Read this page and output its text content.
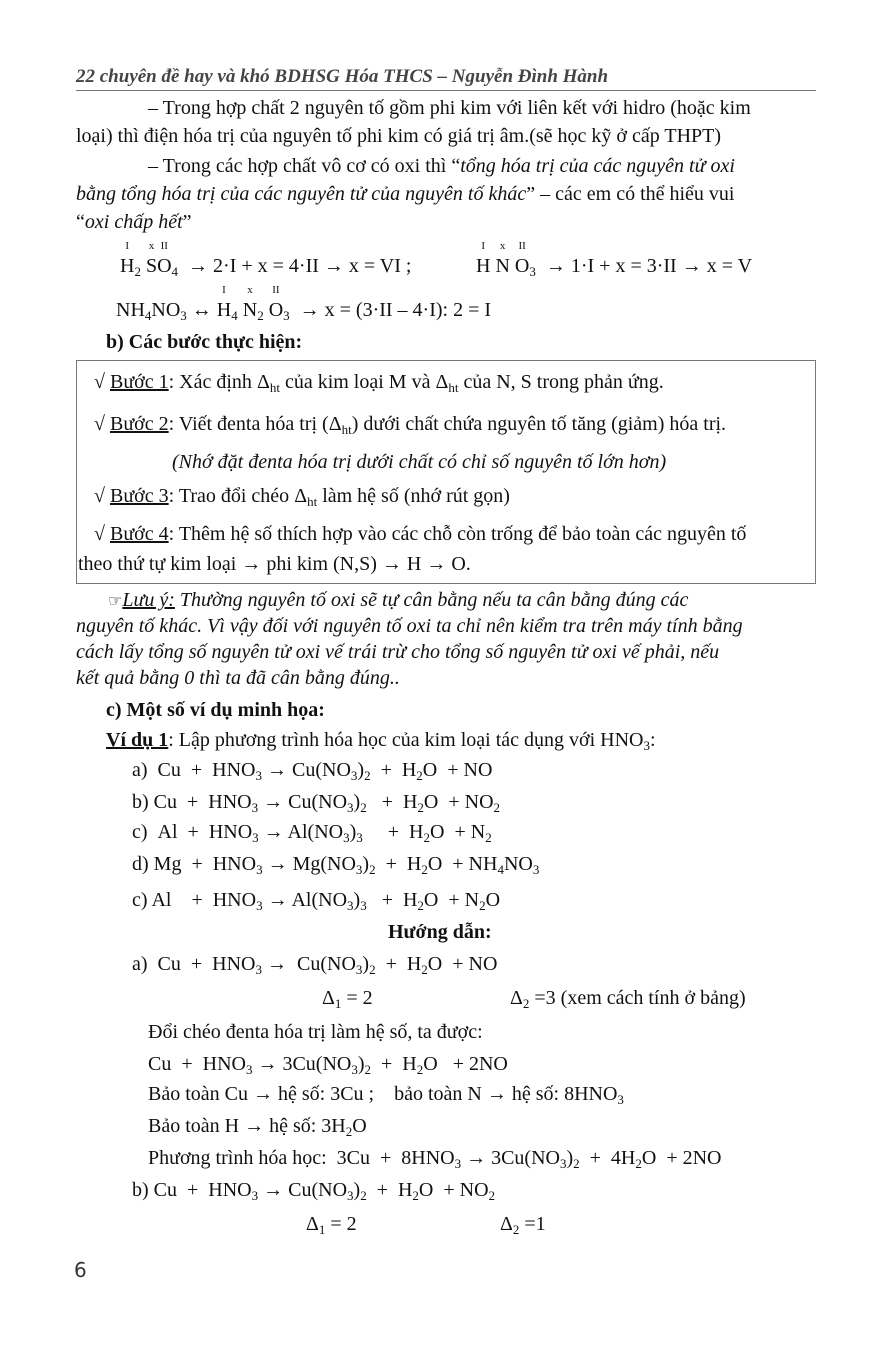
22 chuyên đề hay và khó BDHSG Hóa THCS – Nguyễn Đình Hành
– Trong hợp chất 2 nguyên tố gồm phi kim với liên kết với hidro (hoặc kim
loại) thì điện hóa trị của nguyên tố phi kim có giá trị âm.(sẽ học kỹ ở cấp THPT)
– Trong các hợp chất vô cơ có oxi thì “tổng hóa trị của các nguyên tử oxi
bằng tổng hóa trị của các nguyên tử của nguyên tố khác” – các em có thể hiểu vui
“oxi chấp hết”
H
I
$_2$ S
x
O
II
$_4$ → 2·I + x = 4·II → x = VI ;	H
I
N
x
O
II
$_3$ → 1·I + x = 3·II → x = V
$NH_4NO_3$ ↔ H
I
$_4$ N
x
$_2$ O
II
$_3$ → x = (3·II – 4·I): 2 = I
b) Các bước thực hiện:
√ Bước 1: Xác định $\Delta_{ht}$ của kim loại M và $\Delta_{ht}$ của N, S trong phản ứng.
√ Bước 2: Viết đenta hóa trị $(\Delta_{ht})$ dưới chất chứa nguyên tố tăng (giảm) hóa trị.
(Nhớ đặt đenta hóa trị dưới chất có chỉ số nguyên tố lớn hơn)
√ Bước 3: Trao đổi chéo $\Delta_{ht}$ làm hệ số (nhớ rút gọn)
√ Bước 4: Thêm hệ số thích hợp vào các chỗ còn trống để bảo toàn các nguyên tố
theo thứ tự kim loại → phi kim (N,S) → H → O.
☞Lưu ý: Thường nguyên tố oxi sẽ tự cân bằng nếu ta cân bằng đúng các
nguyên tố khác. Vì vậy đối với nguyên tố oxi ta chỉ nên kiểm tra trên máy tính bằng
cách lấy tổng số nguyên tử oxi vế trái trừ cho tổng số nguyên tử oxi vế phải, nếu
kết quả bằng 0 thì ta đã cân bằng đúng..
c) Một số ví dụ minh họa:
Ví dụ 1: Lập phương trình hóa học của kim loại tác dụng với $HNO_3$:
a)  $Cu + HNO_3 \to Cu(NO_3)_2 + H_2O$  + NO
b) $Cu + HNO_3 \to Cu(NO_3)_2 + H_2O + NO_2$
c)  $Al + HNO_3 \to Al(NO_3)_3$     +  $H_2O + N_2$
d) $Mg + HNO_3 \to Mg(NO_3)_2 + H_2O + NH_4NO_3$
c) Al    +  $HNO_3 \to Al(NO_3)_3 + H_2O + N_2O$
Hướng dẫn:
a)  $Cu + HNO_3 \to Cu(NO_3)_2 + H_2O$  + NO
$\Delta_1 = 2$	$\Delta_2 =3$ (xem cách tính ở bảng)
Đổi chéo đenta hóa trị làm hệ số, ta được:
$Cu + HNO_3 \to 3Cu(NO_3)_2 + H_2O + 2NO$
Bảo toàn Cu → hệ số: 3Cu ; bảo toàn N → hệ số: $8HNO_3$
Bảo toàn H → hệ số: $3H_2O$
Phương trình hóa học:  $3Cu + 8HNO_3 \to 3Cu(NO_3)_2 + 4H_2O + 2NO$
b) $Cu + HNO_3 \to Cu(NO_3)_2 + H_2O + NO_2$
$\Delta_1 = 2$	$\Delta_2 =1$
6
